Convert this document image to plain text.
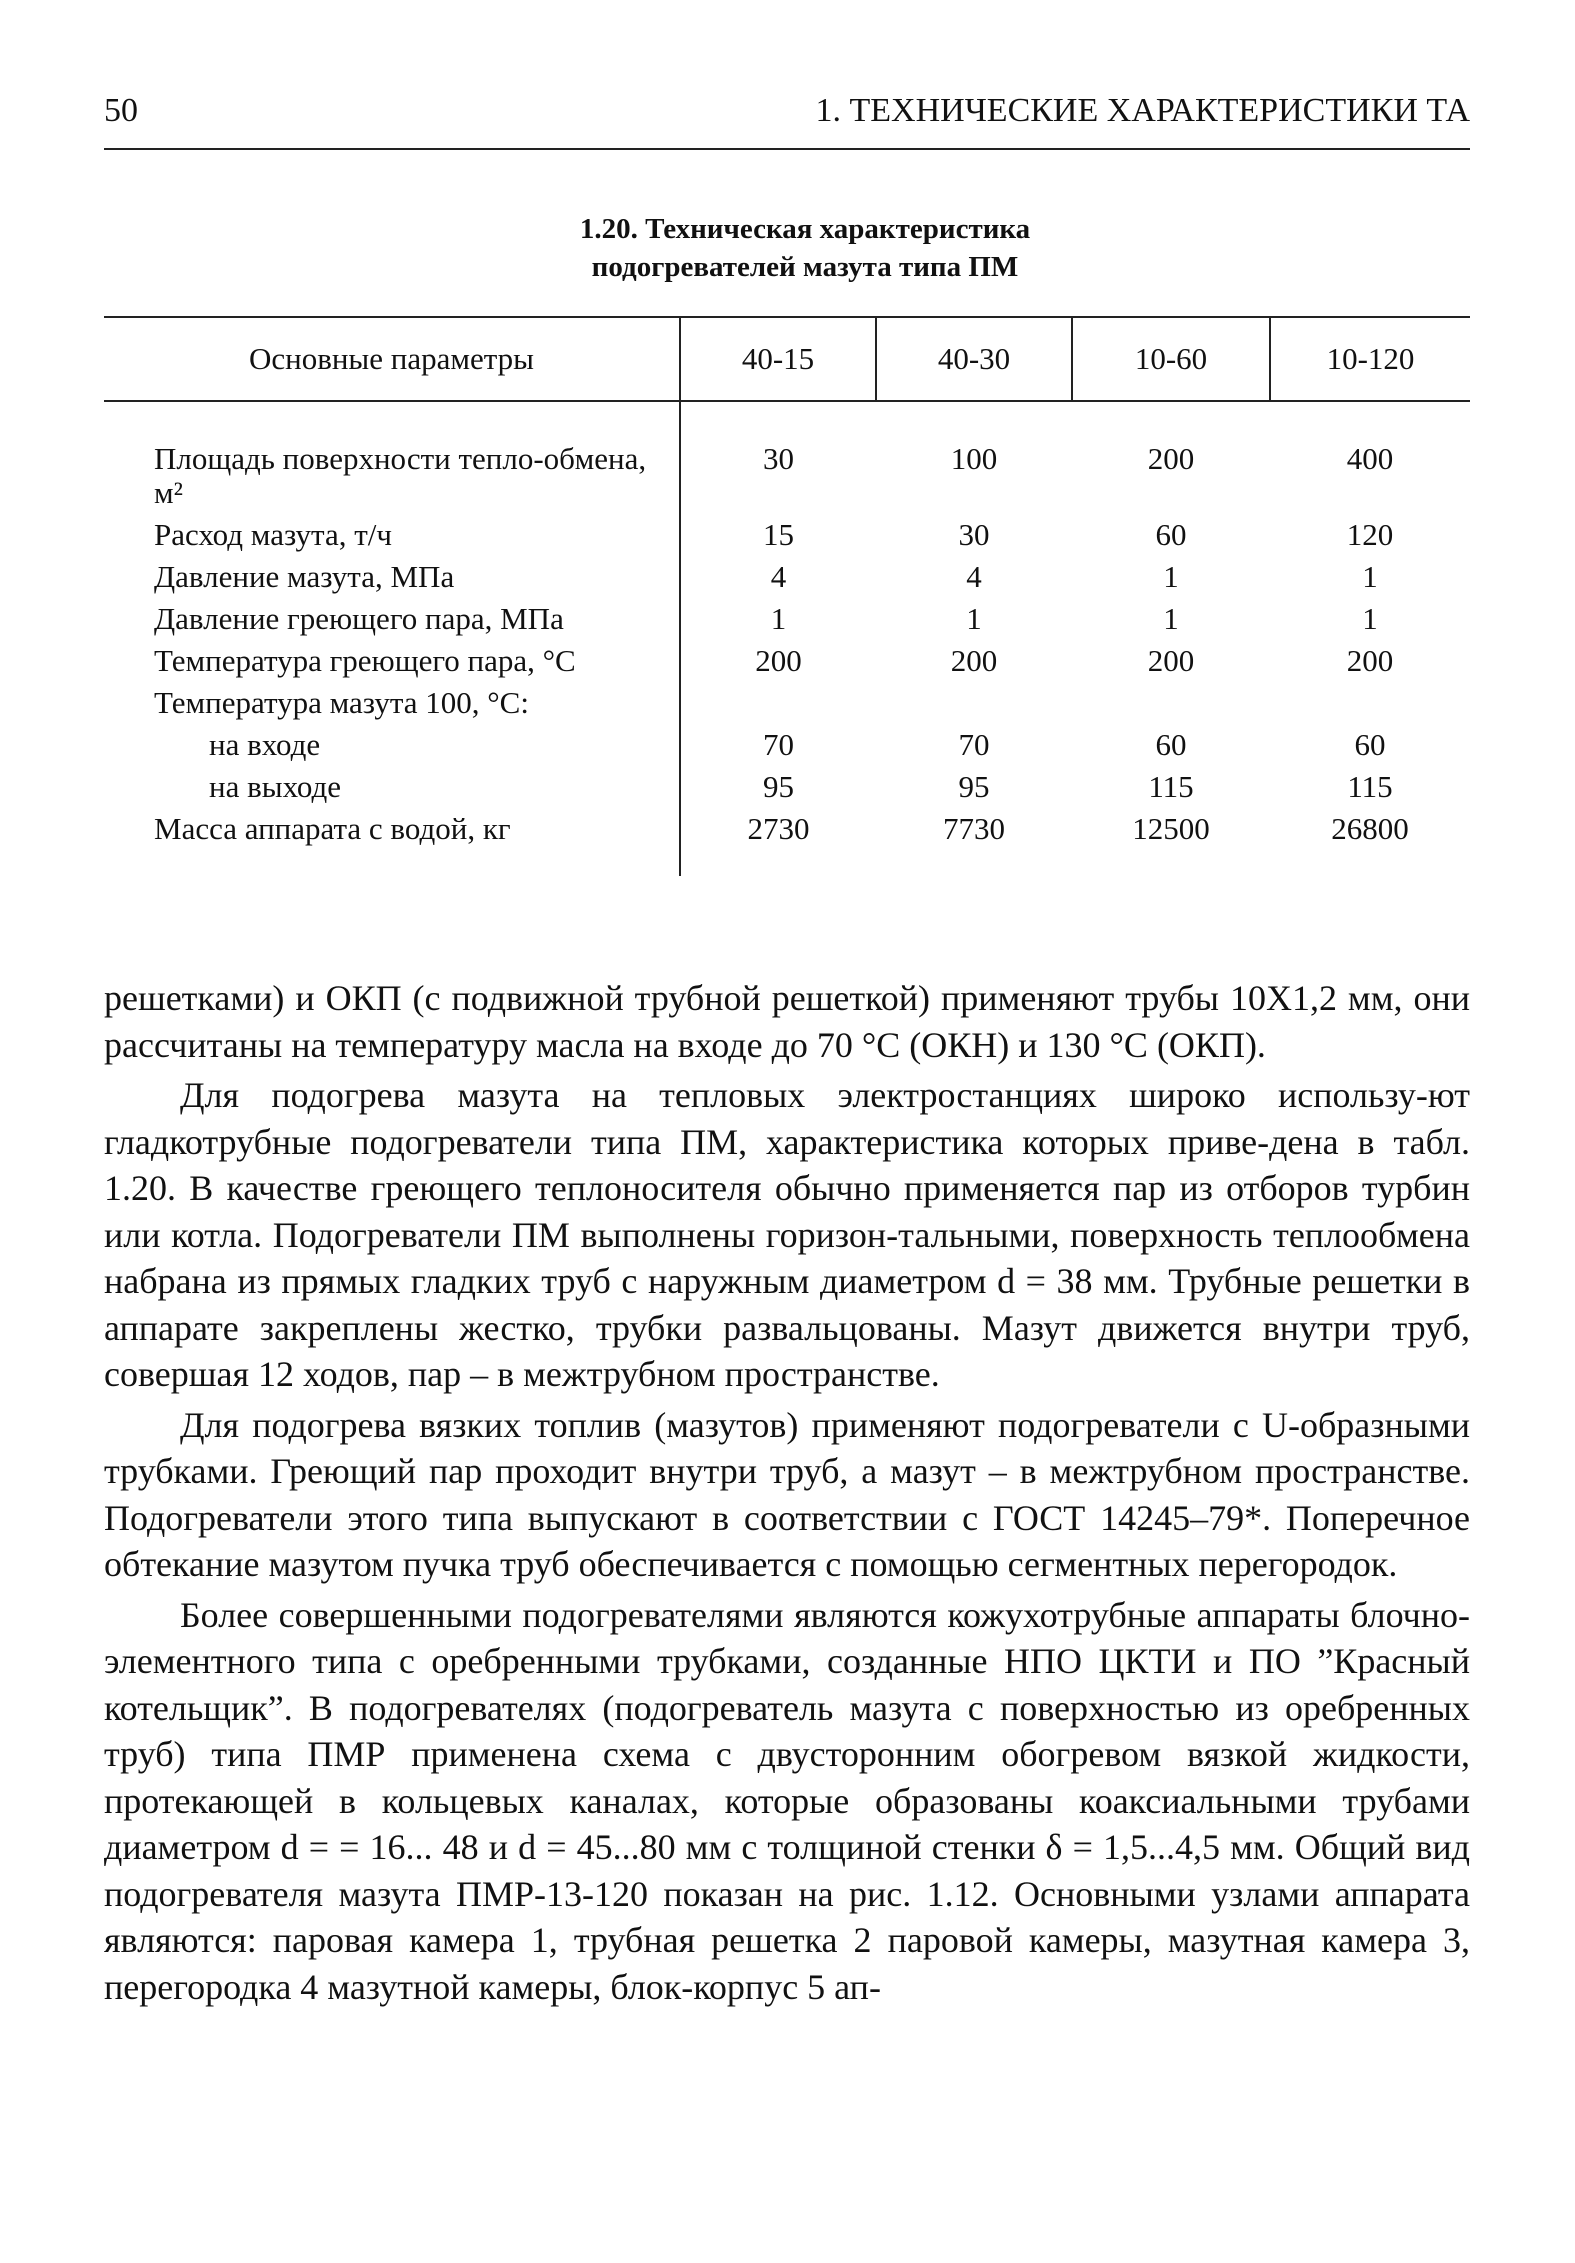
50	1. ТЕХНИЧЕСКИЕ ХАРАКТЕРИСТИКИ ТА
1.20. Техническая характеристика
подогревателей мазута типа ПМ
Основные параметры	40-15	40-30	10-60	10-120
Площадь поверхности тепло-обмена, м²	30	100	200	400
Расход мазута, т/ч	15	30	60	120
Давление мазута, МПа	4	4	1	1
Давление греющего пара, МПа	1	1	1	1
Температура греющего пара, °С	200	200	200	200
Температура мазута 100, °С:				
на входе	70	70	60	60
на выходе	95	95	115	115
Масса аппарата с водой, кг	2730	7730	12500	26800

решетками) и ОКП (с подвижной трубной решеткой) применяют трубы 10Х1,2 мм, они рассчитаны на температуру масла на входе до 70 °С (ОКН) и 130 °С (ОКП).

Для подогрева мазута на тепловых электростанциях широко использу-ют гладкотрубные подогреватели типа ПМ, характеристика которых приве-дена в табл. 1.20. В качестве греющего теплоносителя обычно применяется пар из отборов турбин или котла. Подогреватели ПМ выполнены горизон-тальными, поверхность теплообмена набрана из прямых гладких труб с наружным диаметром d = 38 мм. Трубные решетки в аппарате закреплены жестко, трубки развальцованы. Мазут движется внутри труб, совершая 12 ходов, пар – в межтрубном пространстве.

Для подогрева вязких топлив (мазутов) применяют подогреватели с U-образными трубками. Греющий пар проходит внутри труб, а мазут – в межтрубном пространстве. Подогреватели этого типа выпускают в соответствии с ГОСТ 14245–79*. Поперечное обтекание мазутом пучка труб обеспечивается с помощью сегментных перегородок.

Более совершенными подогревателями являются кожухотрубные аппараты блочно-элементного типа с оребренными трубками, созданные НПО ЦКТИ и ПО ”Красный котельщик”. В подогревателях (подогреватель мазута с поверхностью из оребренных труб) типа ПМР применена схема с двусторонним обогревом вязкой жидкости, протекающей в кольцевых каналах, которые образованы коаксиальными трубами диаметром d = = 16... 48 и d = 45...80 мм с толщиной стенки δ = 1,5...4,5 мм. Общий вид подогревателя мазута ПМР-13-120 показан на рис. 1.12. Основными узлами аппарата являются: паровая камера 1, трубная решетка 2 паровой камеры, мазутная камера 3, перегородка 4 мазутной камеры, блок-корпус 5 ап-
